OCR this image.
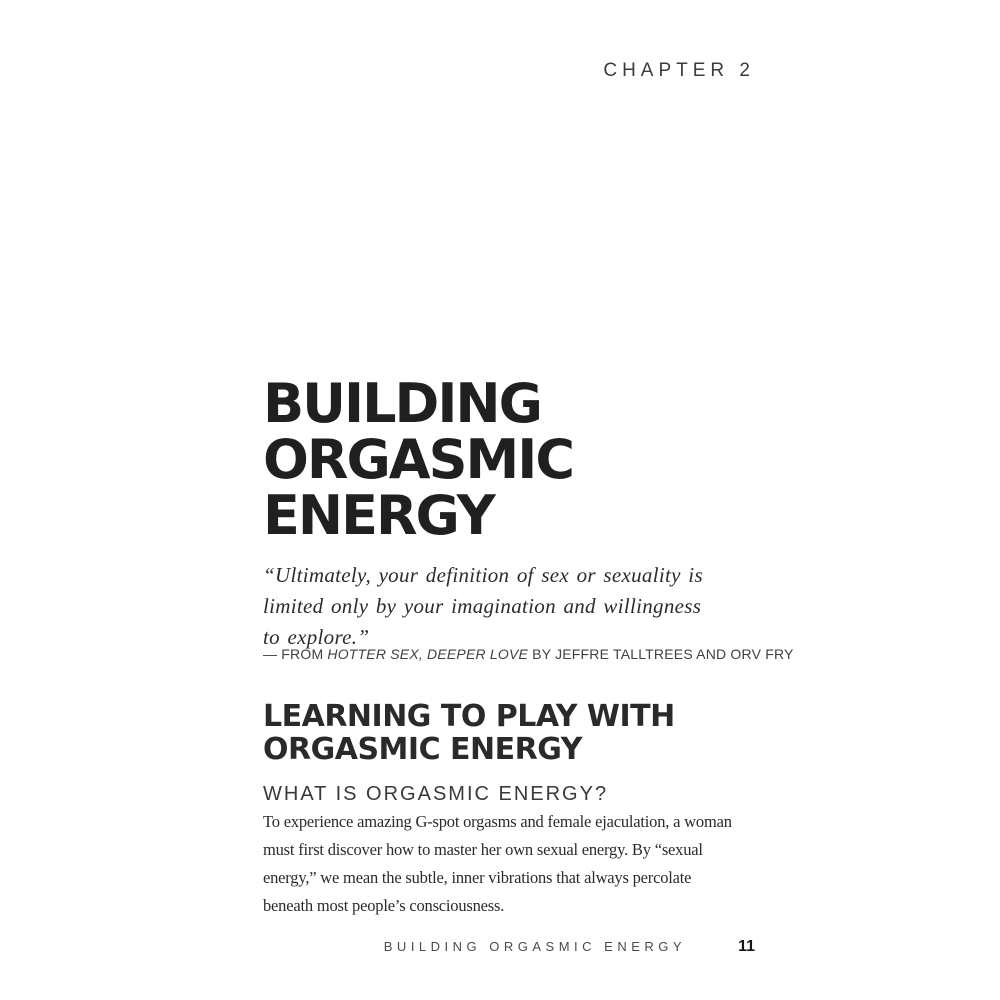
CHAPTER 2
BUILDING
ORGASMIC
ENERGY
“Ultimately, your definition of sex or sexuality is
limited only by your imagination and willingness
to explore.”
— FROM HOTTER SEX, DEEPER LOVE BY JEFFRE TALLTREES AND ORV FRY
LEARNING TO PLAY WITH
ORGASMIC ENERGY
WHAT IS ORGASMIC ENERGY?
To experience amazing G-spot orgasms and female ejaculation, a woman
must first discover how to master her own sexual energy. By “sexual
energy,” we mean the subtle, inner vibrations that always percolate
beneath most people’s consciousness.
BUILDING ORGASMIC ENERGY	11
